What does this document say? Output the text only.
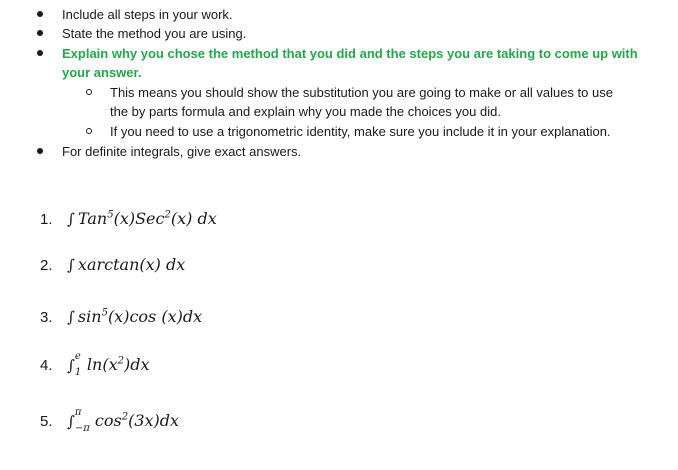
Include all steps in your work.
State the method you are using.
Explain why you chose the method that you did and the steps you are taking to come up with
your answer.
This means you should show the substitution you are going to make or all values to use
the by parts formula and explain why you made the choices you did.
If you need to use a trigonometric identity, make sure you include it in your explanation.
For definite integrals, give exact answers.
1. ∫ Tan$^5$(x)Sec$^2$(x) dx
2. ∫ xarctan(x) dx
3. ∫ $\sin^5(x)\cos$ (x)dx
4. ∫ e
1 $\ln(x^2)dx$
5. ∫ π
−π $\cos^2(3x)dx$
